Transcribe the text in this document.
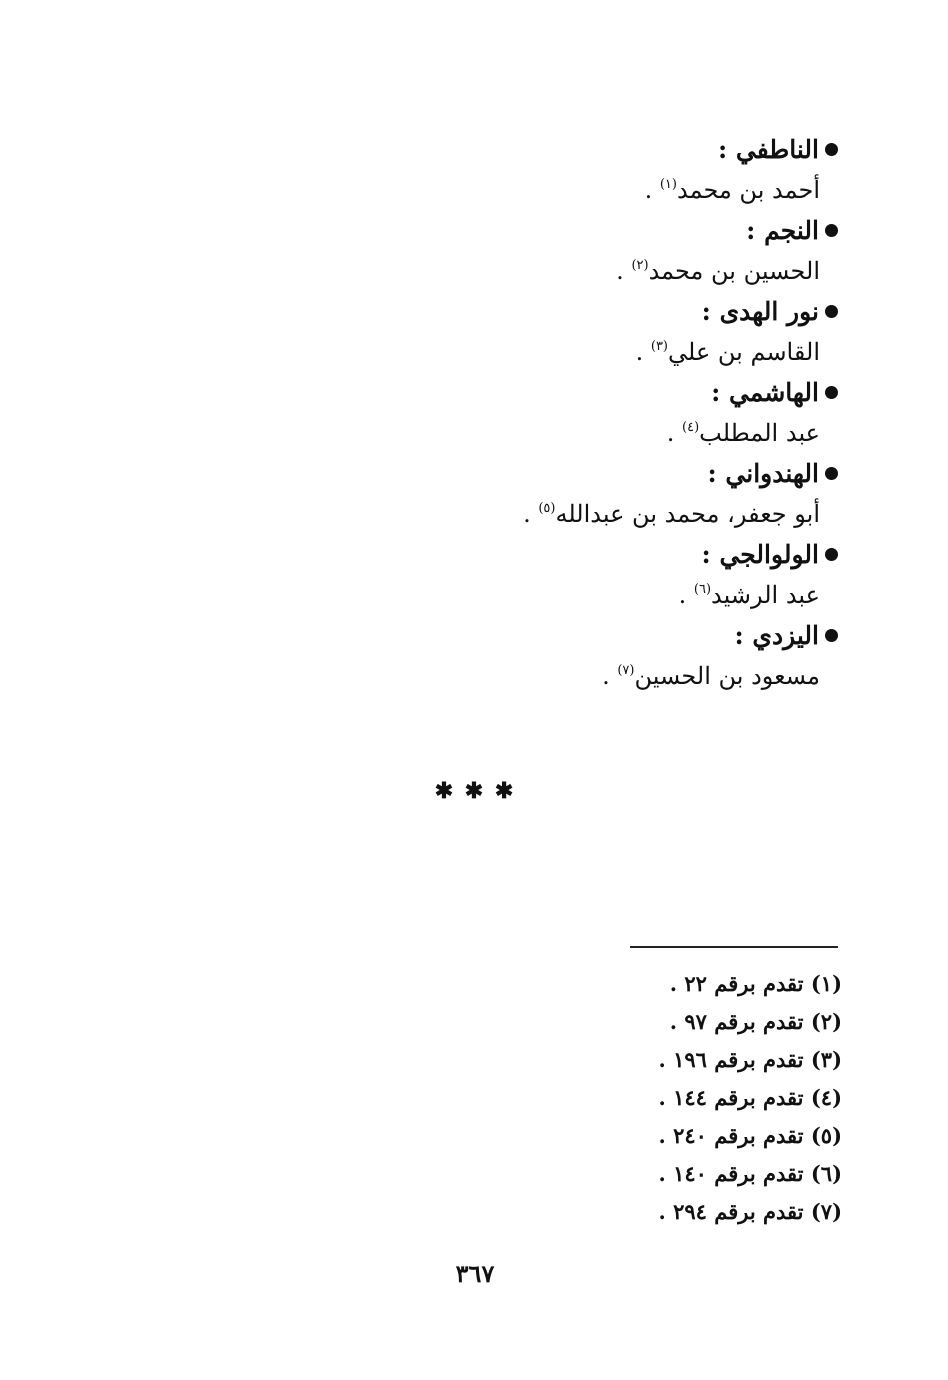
الناطفي :
أحمد بن محمد$^{(١)}$ .
النجم :
الحسين بن محمد$^{(٢)}$ .
نور الهدى :
القاسم بن علي$^{(٣)}$ .
الهاشمي :
عبد المطلب$^{(٤)}$ .
الهندواني :
أبو جعفر، محمد بن عبدالله$^{(٥)}$ .
الولوالجي :
عبد الرشيد$^{(٦)}$ .
اليزدي :
مسعود بن الحسين$^{(٧)}$ .
✱ ✱ ✱
(١) تقدم برقم ٢٢ .
(٢) تقدم برقم ٩٧ .
(٣) تقدم برقم ١٩٦ .
(٤) تقدم برقم ١٤٤ .
(٥) تقدم برقم ٢٤٠ .
(٦) تقدم برقم ١٤٠ .
(٧) تقدم برقم ٢٩٤ .
٣٦٧
